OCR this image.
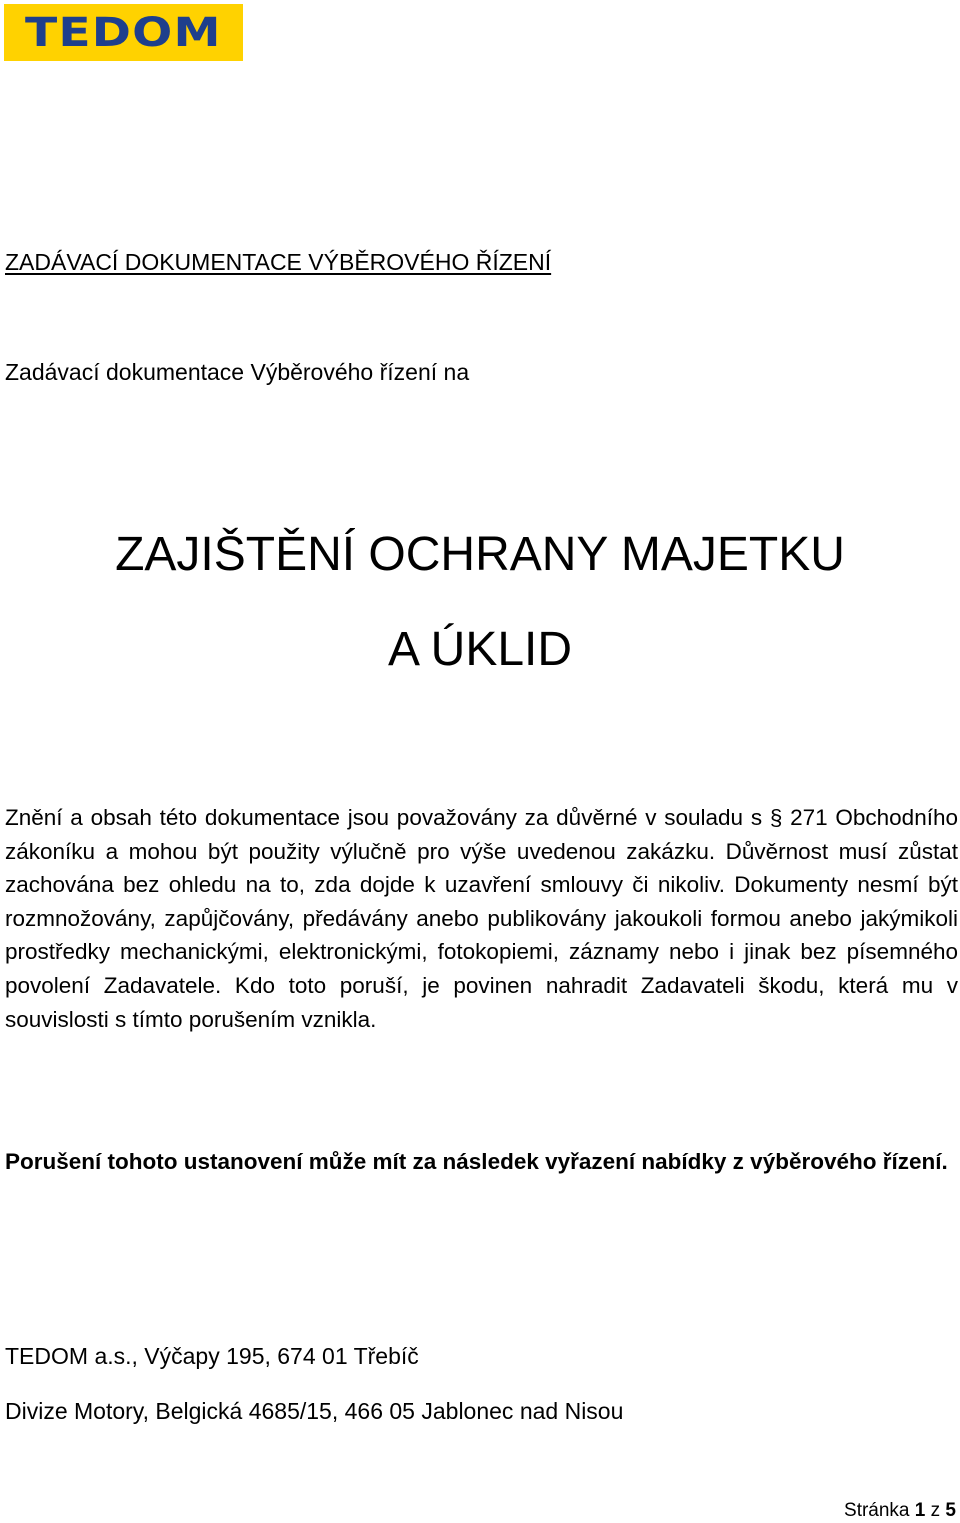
TEDOM
ZADÁVACÍ DOKUMENTACE VÝBĚROVÉHO ŘÍZENÍ
Zadávací dokumentace Výběrového řízení na
ZAJIŠTĚNÍ OCHRANY MAJETKU
A ÚKLID
Znění a obsah této dokumentace jsou považovány za důvěrné v souladu s § 271 Obchodního zákoníku a mohou být použity výlučně pro výše uvedenou zakázku. Důvěrnost musí zůstat zachována bez ohledu na to, zda dojde k uzavření smlouvy či nikoliv. Dokumenty nesmí být rozmnožovány, zapůjčovány, předávány anebo publikovány jakoukoli formou anebo jakýmikoli prostředky mechanickými, elektronickými, fotokopiemi, záznamy nebo i jinak bez písemného povolení Zadavatele. Kdo toto poruší, je povinen nahradit Zadavateli škodu, která mu v souvislosti s tímto porušením vznikla.
Porušení tohoto ustanovení může mít za následek vyřazení nabídky z výběrového řízení.
TEDOM a.s., Výčapy 195, 674 01 Třebíč
Divize Motory, Belgická 4685/15, 466 05 Jablonec nad Nisou
Stránka 1 z 5
